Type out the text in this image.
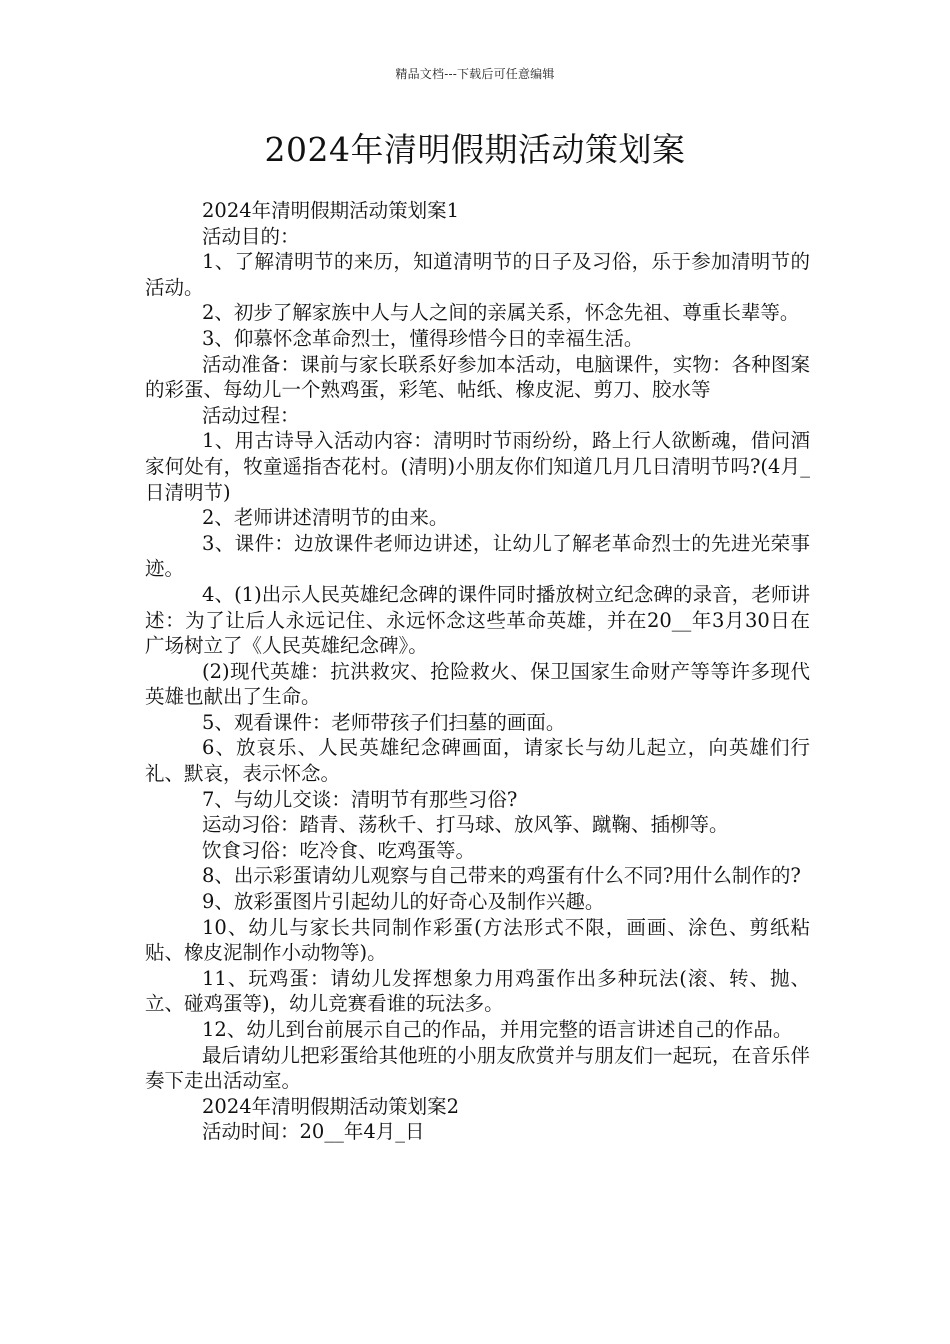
精品文档---下载后可任意编辑
2024年清明假期活动策划案

2024年清明假期活动策划案1

活动目的：

1、了解清明节的来历，知道清明节的日子及习俗，乐于参加清明节的活动。

2、初步了解家族中人与人之间的亲属关系，怀念先祖、尊重长辈等。

3、仰慕怀念革命烈士，懂得珍惜今日的幸福生活。

活动准备：课前与家长联系好参加本活动，电脑课件，实物：各种图案的彩蛋、每幼儿一个熟鸡蛋，彩笔、帖纸、橡皮泥、剪刀、胶水等

活动过程：

1、用古诗导入活动内容：清明时节雨纷纷，路上行人欲断魂，借问酒家何处有，牧童遥指杏花村。(清明)小朋友你们知道几月几日清明节吗?(4月_日清明节)

2、老师讲述清明节的由来。

3、课件：边放课件老师边讲述，让幼儿了解老革命烈士的先进光荣事迹。

4、(1)出示人民英雄纪念碑的课件同时播放树立纪念碑的录音，老师讲述：为了让后人永远记住、永远怀念这些革命英雄，并在20__年3月30日在广场树立了《人民英雄纪念碑》。

(2)现代英雄：抗洪救灾、抢险救火、保卫国家生命财产等等许多现代英雄也献出了生命。

5、观看课件：老师带孩子们扫墓的画面。

6、放哀乐、人民英雄纪念碑画面，请家长与幼儿起立，向英雄们行礼、默哀，表示怀念。

7、与幼儿交谈：清明节有那些习俗?

运动习俗：踏青、荡秋千、打马球、放风筝、蹴鞠、插柳等。

饮食习俗：吃冷食、吃鸡蛋等。

8、出示彩蛋请幼儿观察与自己带来的鸡蛋有什么不同?用什么制作的?

9、放彩蛋图片引起幼儿的好奇心及制作兴趣。

10、幼儿与家长共同制作彩蛋(方法形式不限，画画、涂色、剪纸粘贴、橡皮泥制作小动物等)。

11、玩鸡蛋：请幼儿发挥想象力用鸡蛋作出多种玩法(滚、转、抛、立、碰鸡蛋等)，幼儿竞赛看谁的玩法多。

12、幼儿到台前展示自己的作品，并用完整的语言讲述自己的作品。

最后请幼儿把彩蛋给其他班的小朋友欣赏并与朋友们一起玩，在音乐伴奏下走出活动室。

2024年清明假期活动策划案2

活动时间：20__年4月_日
